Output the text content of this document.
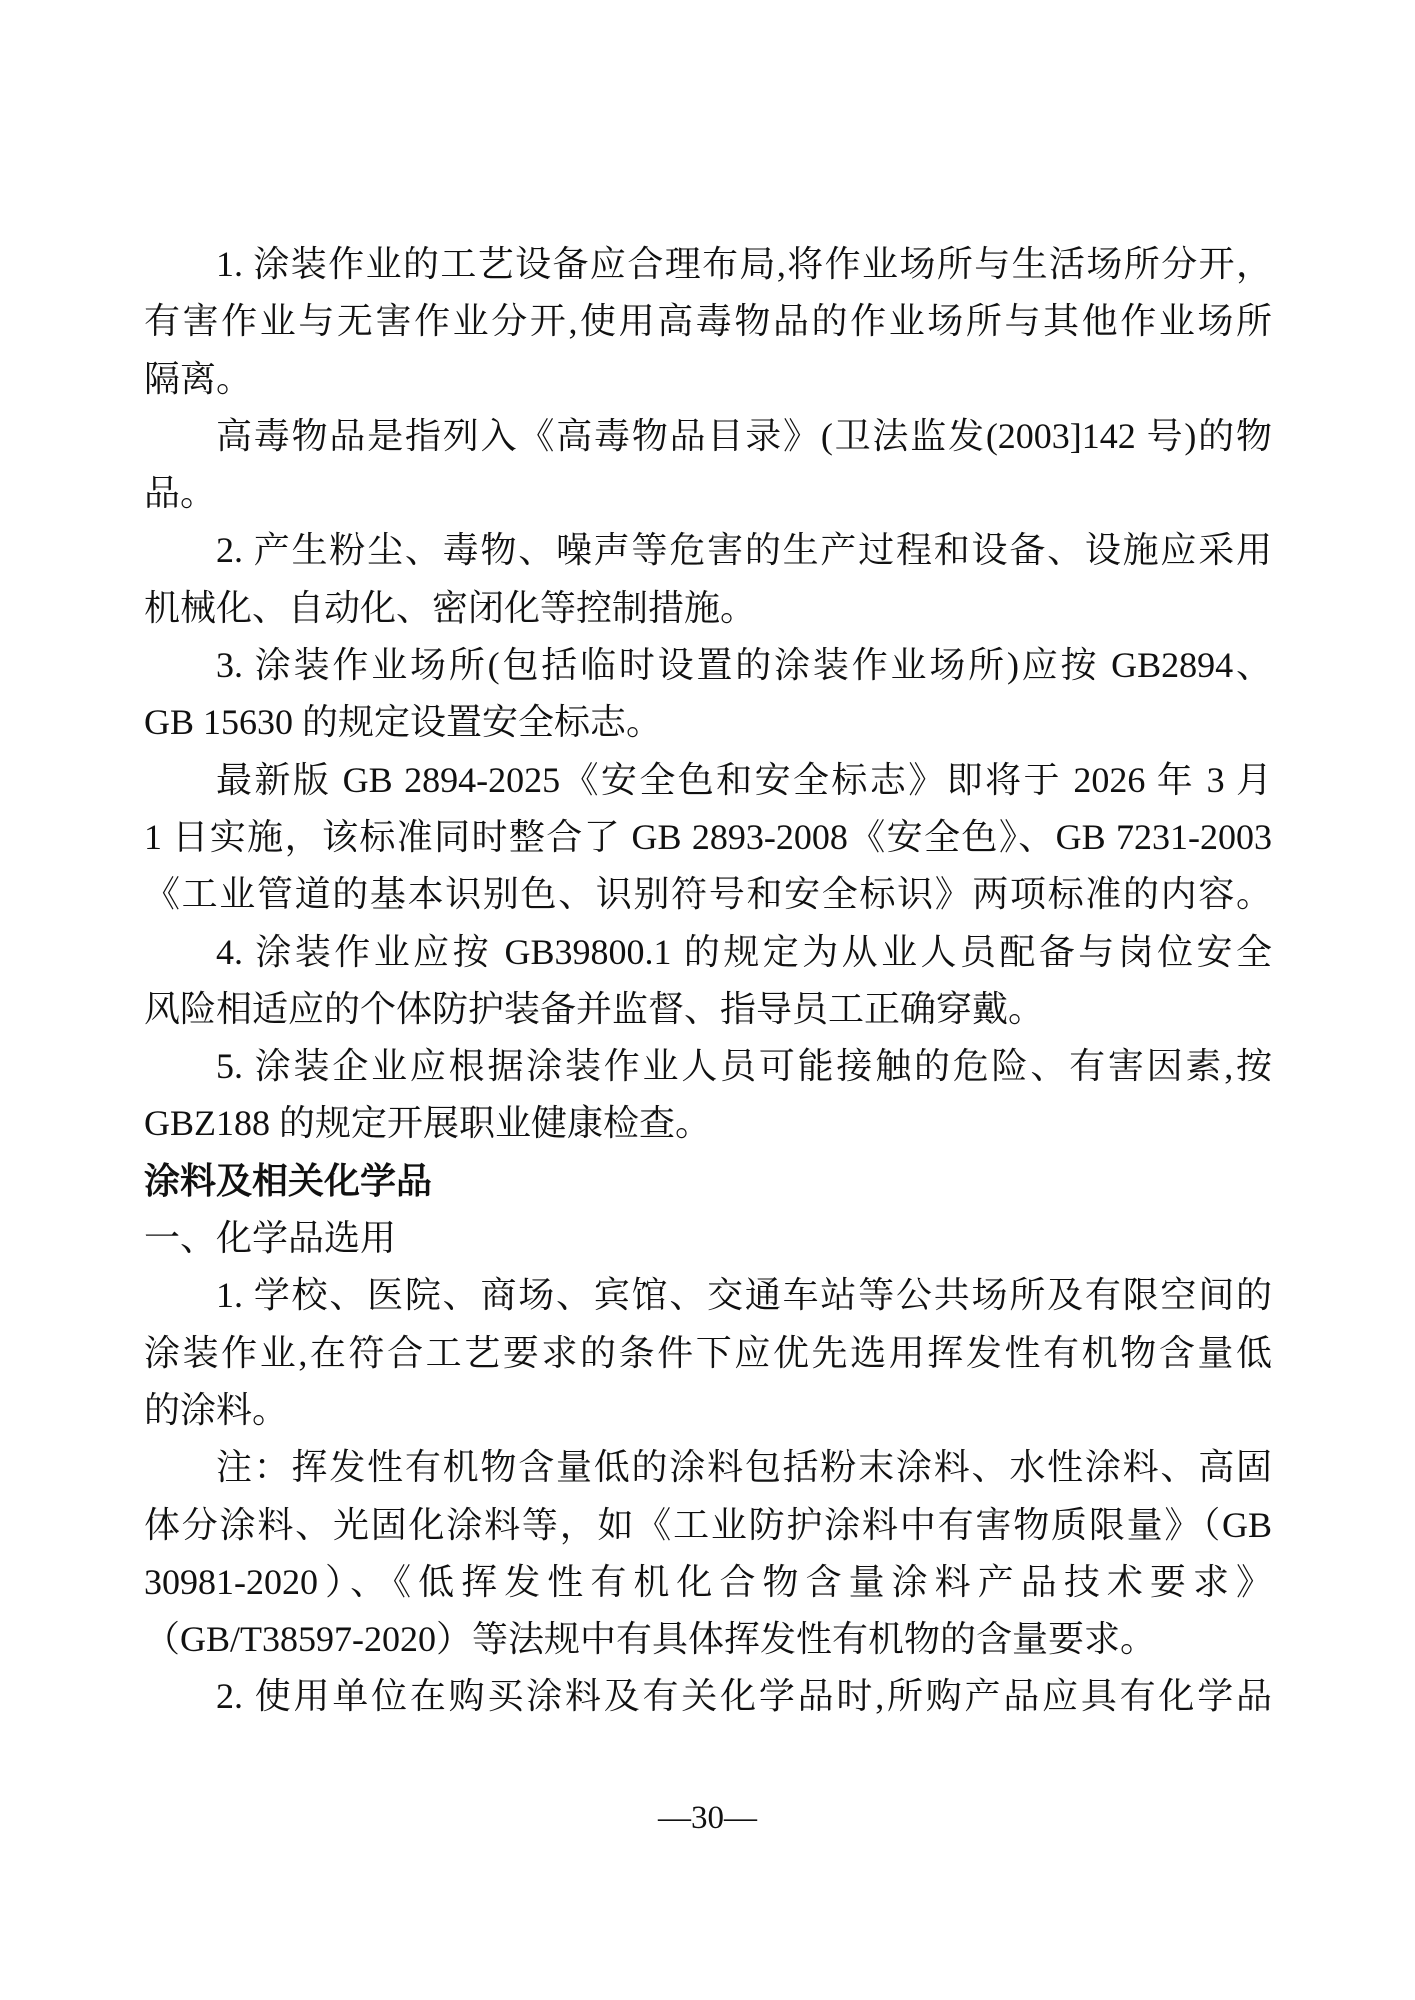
1. 涂装作业的工艺设备应合理布局,将作业场所与生活场所分开，
有害作业与无害作业分开,使用高毒物品的作业场所与其他作业场所
隔离。
高毒物品是指列入《高毒物品目录》(卫法监发(2003]142 号)的物
品。
2. 产生粉尘、毒物、噪声等危害的生产过程和设备、设施应采用
机械化、自动化、密闭化等控制措施。
3. 涂装作业场所(包括临时设置的涂装作业场所)应按 GB2894、
GB 15630 的规定设置安全标志。
最新版 GB 2894-2025《安全色和安全标志》即将于 2026 年 3 月
1 日实施，该标准同时整合了 GB 2893-2008《安全色》、GB 7231-2003
《工业管道的基本识别色、识别符号和安全标识》两项标准的内容。
4. 涂装作业应按 GB39800.1 的规定为从业人员配备与岗位安全
风险相适应的个体防护装备并监督、指导员工正确穿戴。
5. 涂装企业应根据涂装作业人员可能接触的危险、有害因素,按
GBZ188 的规定开展职业健康检查。
涂料及相关化学品
一、化学品选用
1. 学校、医院、商场、宾馆、交通车站等公共场所及有限空间的
涂装作业,在符合工艺要求的条件下应优先选用挥发性有机物含量低
的涂料。
注：挥发性有机物含量低的涂料包括粉末涂料、水性涂料、高固
体分涂料、光固化涂料等，如《工业防护涂料中有害物质限量》（GB
30981-2020）、《低挥发性有机化合物含量涂料产品技术要求》
（GB/T38597-2020）等法规中有具体挥发性有机物的含量要求。
2. 使用单位在购买涂料及有关化学品时,所购产品应具有化学品
—30—
